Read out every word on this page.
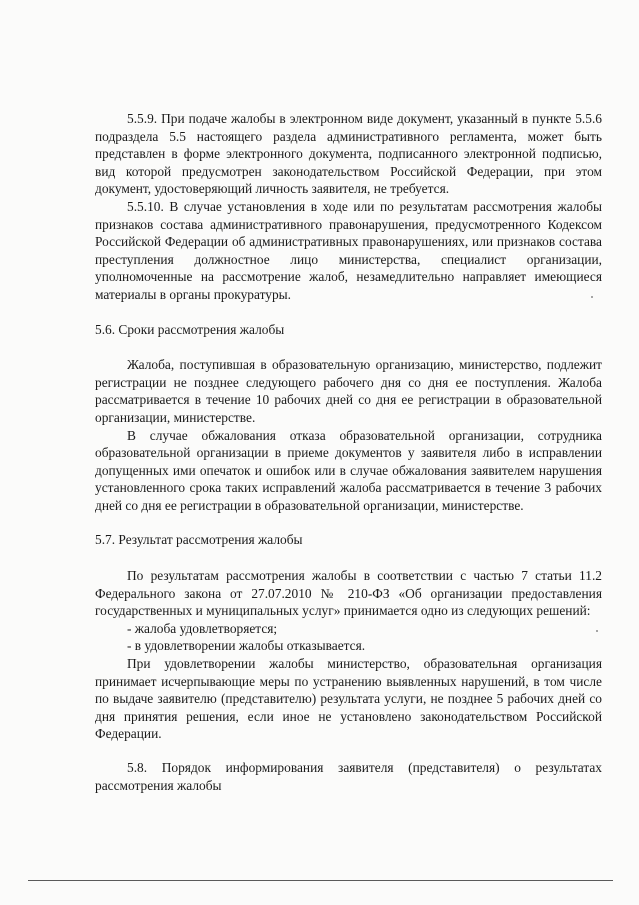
5.5.9. При подаче жалобы в электронном виде документ, указанный в пункте 5.5.6 подраздела 5.5 настоящего раздела административного регламента, может быть представлен в форме электронного документа, подписанного электронной подписью, вид которой предусмотрен законодательством Российской Федерации, при этом документ, удостоверяющий личность заявителя, не требуется.

5.5.10. В случае установления в ходе или по результатам рассмотрения жалобы признаков состава административного правонарушения, предусмотренного Кодексом Российской Федерации об административных правонарушениях, или признаков состава преступления должностное лицо министерства, специалист организации, уполномоченные на рассмотрение жалоб, незамедлительно направляет имеющиеся материалы в органы прокуратуры.

5.6. Сроки рассмотрения жалобы

Жалоба, поступившая в образовательную организацию, министерство, подлежит регистрации не позднее следующего рабочего дня со дня ее поступления. Жалоба рассматривается в течение 10 рабочих дней со дня ее регистрации в образовательной организации, министерстве.

В случае обжалования отказа образовательной организации, сотрудника образовательной организации в приеме документов у заявителя либо в исправлении допущенных ими опечаток и ошибок или в случае обжалования заявителем нарушения установленного срока таких исправлений жалоба рассматривается в течение 3 рабочих дней со дня ее регистрации в образовательной организации, министерстве.

5.7. Результат рассмотрения жалобы

По результатам рассмотрения жалобы в соответствии с частью 7 статьи 11.2 Федерального закона от 27.07.2010 № 210-ФЗ «Об организации предоставления государственных и муниципальных услуг» принимается одно из следующих решений:

- жалоба удовлетворяется;

- в удовлетворении жалобы отказывается.

При удовлетворении жалобы министерство, образовательная организация принимает исчерпывающие меры по устранению выявленных нарушений, в том числе по выдаче заявителю (представителю) результата услуги, не позднее 5 рабочих дней со дня принятия решения, если иное не установлено законодательством Российской Федерации.

5.8. Порядок информирования заявителя (представителя) о результатах рассмотрения жалобы
